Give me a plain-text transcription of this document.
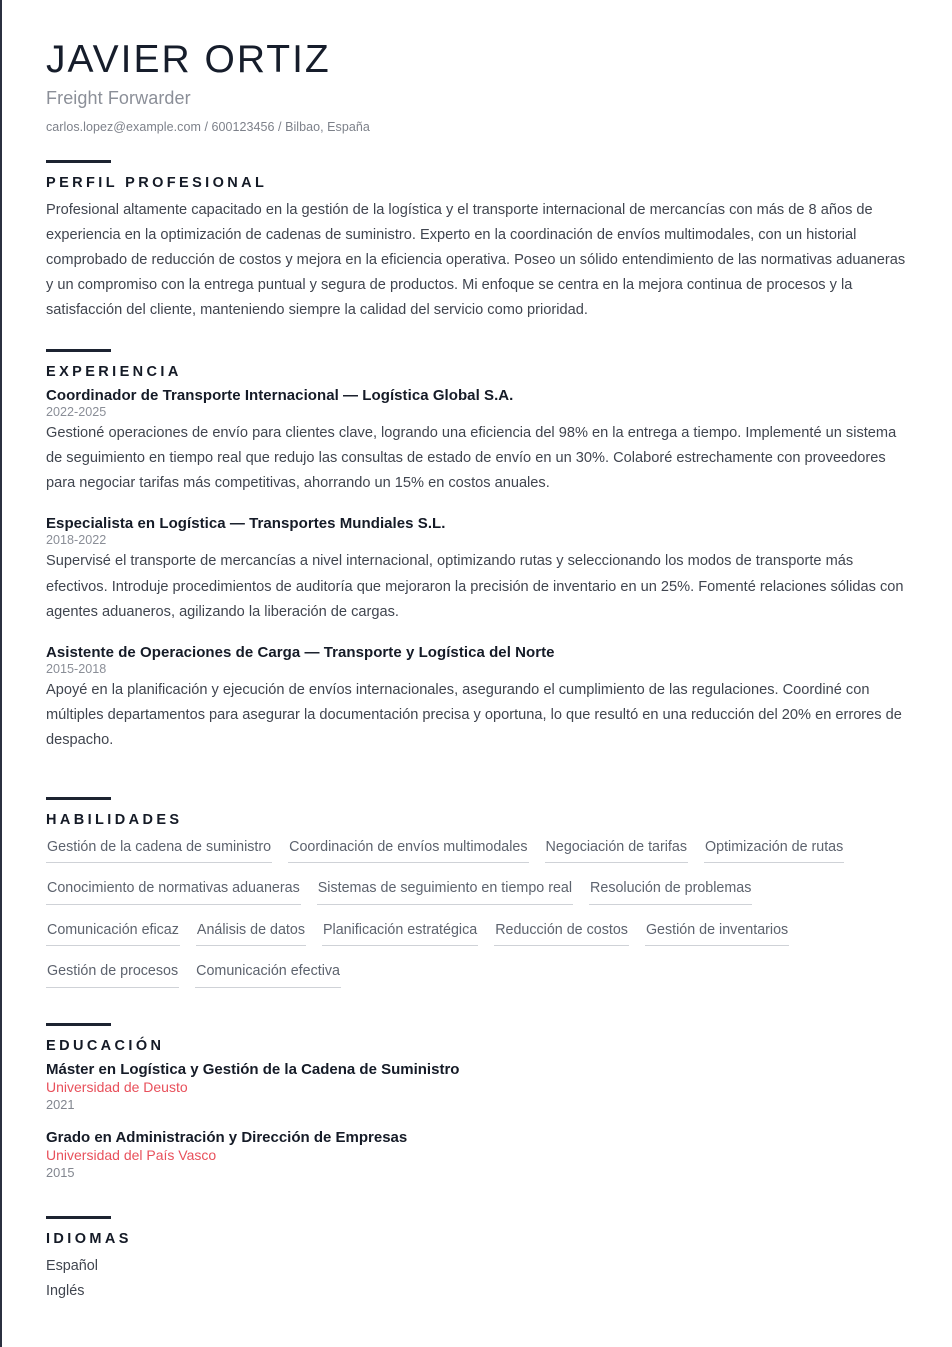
JAVIER ORTIZ
Freight Forwarder
carlos.lopez@example.com / 600123456 / Bilbao, España
PERFIL PROFESIONAL

Profesional altamente capacitado en la gestión de la logística y el transporte internacional de mercancías con más de 8 años de experiencia en la optimización de cadenas de suministro. Experto en la coordinación de envíos multimodales, con un historial comprobado de reducción de costos y mejora en la eficiencia operativa. Poseo un sólido entendimiento de las normativas aduaneras y un compromiso con la entrega puntual y segura de productos. Mi enfoque se centra en la mejora continua de procesos y la satisfacción del cliente, manteniendo siempre la calidad del servicio como prioridad.

EXPERIENCIA
Coordinador de Transporte Internacional — Logística Global S.A.
2022-2025

Gestioné operaciones de envío para clientes clave, logrando una eficiencia del 98% en la entrega a tiempo. Implementé un sistema de seguimiento en tiempo real que redujo las consultas de estado de envío en un 30%. Colaboré estrechamente con proveedores para negociar tarifas más competitivas, ahorrando un 15% en costos anuales.

Especialista en Logística — Transportes Mundiales S.L.
2018-2022

Supervisé el transporte de mercancías a nivel internacional, optimizando rutas y seleccionando los modos de transporte más efectivos. Introduje procedimientos de auditoría que mejoraron la precisión de inventario en un 25%. Fomenté relaciones sólidas con agentes aduaneros, agilizando la liberación de cargas.

Asistente de Operaciones de Carga — Transporte y Logística del Norte
2015-2018

Apoyé en la planificación y ejecución de envíos internacionales, asegurando el cumplimiento de las regulaciones. Coordiné con múltiples departamentos para asegurar la documentación precisa y oportuna, lo que resultó en una reducción del 20% en errores de despacho.

HABILIDADES
Gestión de la cadena de suministro Coordinación de envíos multimodales Negociación de tarifas Optimización de rutas
Conocimiento de normativas aduaneras Sistemas de seguimiento en tiempo real Resolución de problemas
Comunicación eficaz Análisis de datos Planificación estratégica Reducción de costos Gestión de inventarios
Gestión de procesos Comunicación efectiva
EDUCACIÓN
Máster en Logística y Gestión de la Cadena de Suministro
Universidad de Deusto
2021
Grado en Administración y Dirección de Empresas
Universidad del País Vasco
2015
IDIOMAS

Español

Inglés
